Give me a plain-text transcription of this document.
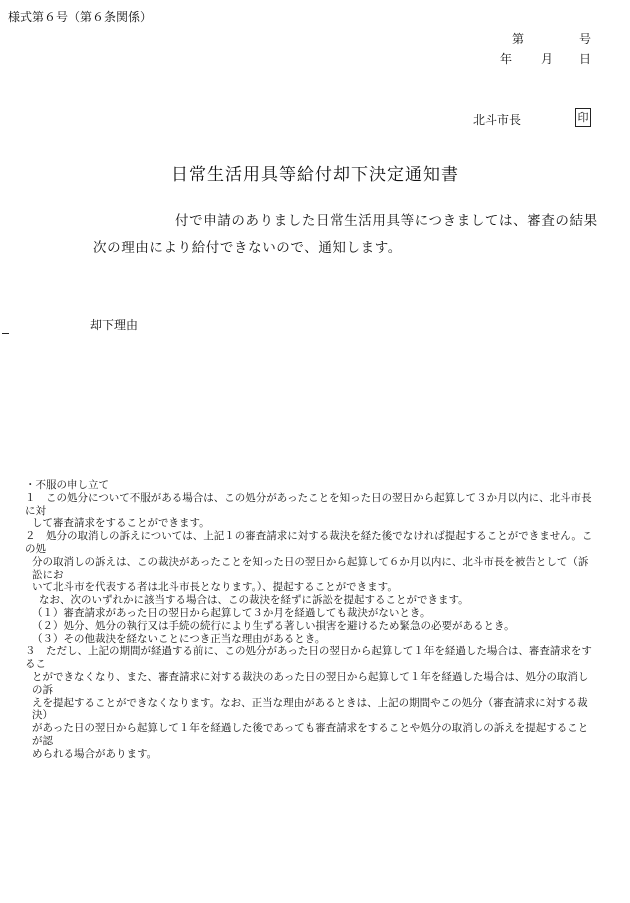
様式第６号（第６条関係）
第	号
年 月 日
北斗市長	印
日常生活用具等給付却下決定通知書
付で申請のありました日常生活用具等につきましては、審査の結果
次の理由により給付できないので、通知します。
却下理由
・不服の申し立て
１　この処分について不服がある場合は、この処分があったことを知った日の翌日から起算して３か月以内に、北斗市長に対
して審査請求をすることができます。
２　処分の取消しの訴えについては、上記１の審査請求に対する裁決を経た後でなければ提起することができません。この処
分の取消しの訴えは、この裁決があったことを知った日の翌日から起算して６か月以内に、北斗市長を被告として（訴訟にお
いて北斗市を代表する者は北斗市長となります。）、提起することができます。
なお、次のいずれかに該当する場合は、この裁決を経ずに訴訟を提起することができます。
（１）審査請求があった日の翌日から起算して３か月を経過しても裁決がないとき。
（２）処分、処分の執行又は手続の続行により生ずる著しい損害を避けるため緊急の必要があるとき。
（３）その他裁決を経ないことにつき正当な理由があるとき。
３　ただし、上記の期間が経過する前に、この処分があった日の翌日から起算して１年を経過した場合は、審査請求をするこ
とができなくなり、また、審査請求に対する裁決のあった日の翌日から起算して１年を経過した場合は、処分の取消しの訴
えを提起することができなくなります。なお、正当な理由があるときは、上記の期間やこの処分（審査請求に対する裁決）
があった日の翌日から起算して１年を経過した後であっても審査請求をすることや処分の取消しの訴えを提起することが認
められる場合があります。
